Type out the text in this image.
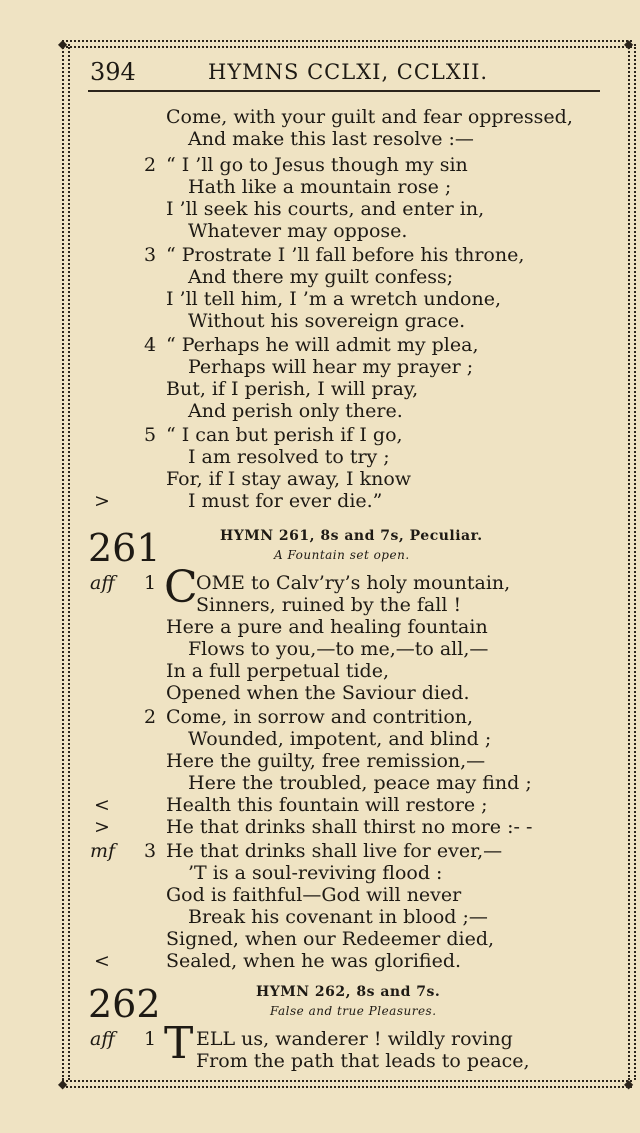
◆	◆
◆	◆
394	HYMNS CCLXI, CCLXII.
Come, with your guilt and fear oppressed,
And make this last resolve :—
2 “ I ’ll go to Jesus though my sin
Hath like a mountain rose ;
I ’ll seek his courts, and enter in,
Whatever may oppose.
3 “ Prostrate I ’ll fall before his throne,
And there my guilt confess;
I ’ll tell him, I ’m a wretch undone,
Without his sovereign grace.
4 “ Perhaps he will admit my plea,
Perhaps will hear my prayer ;
But, if I perish, I will pray,
And perish only there.
5 “ I can but perish if I go,
I am resolved to try ;
For, if I stay away, I know
>	I must for ever die.”
261	HYMN 261, 8s and 7s, Peculiar.
A Fountain set open.
aff 1 C
OME to Calv’ry’s holy mountain,
Sinners, ruined by the fall !
Here a pure and healing fountain
Flows to you,—to me,—to all,—
In a full perpetual tide,
Opened when the Saviour died.
2 Come, in sorrow and contrition,
Wounded, impotent, and blind ;
Here the guilty, free remission,—
Here the troubled, peace may find ;
<	Health this fountain will restore ;
>	He that drinks shall thirst no more :- -
mf 3 He that drinks shall live for ever,—
’T is a soul-reviving flood :
God is faithful—God will never
Break his covenant in blood ;—
Signed, when our Redeemer died,
<	Sealed, when he was glorified.
262	HYMN 262, 8s and 7s.
False and true Pleasures.
aff 1 T ELL us, wanderer ! wildly roving
From the path that leads to peace,
